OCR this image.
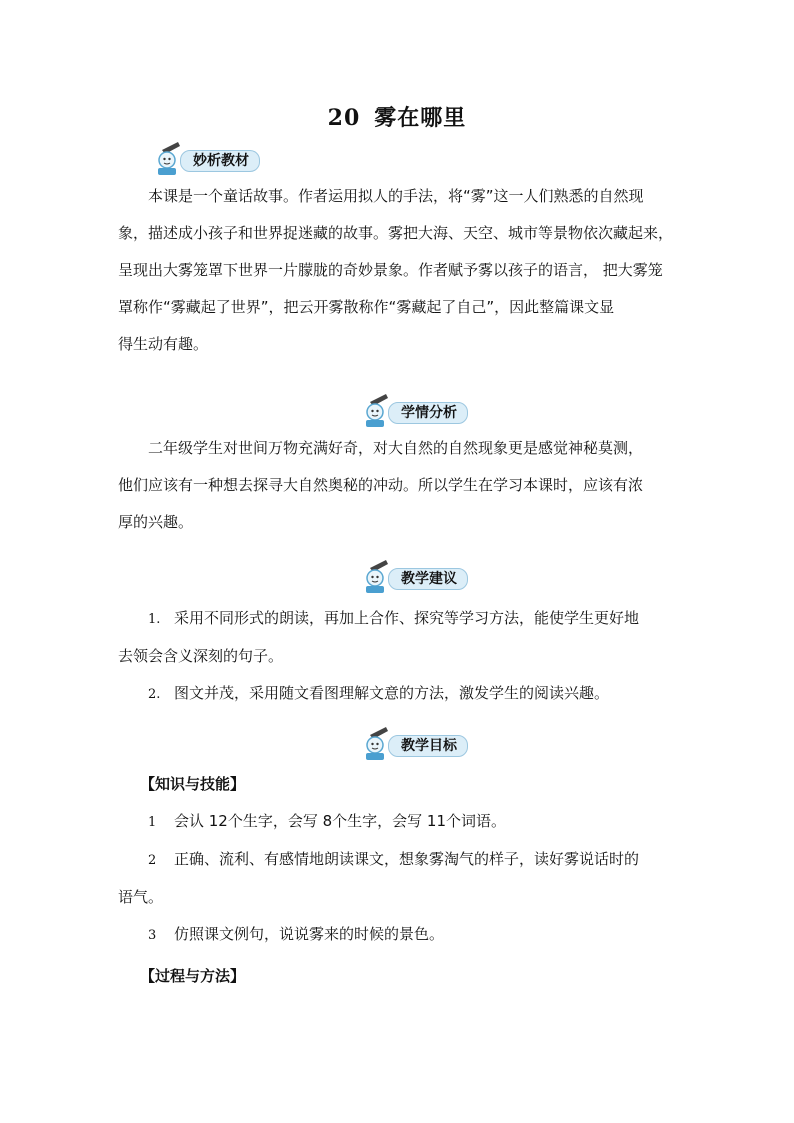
20 雾在哪里
妙析教材
本课是一个童话故事。作者运用拟人的手法，将“雾”这一人们熟悉的自然现
象，描述成小孩子和世界捉迷藏的故事。雾把大海、天空、城市等景物依次藏起来，
呈现出大雾笼罩下世界一片朦胧的奇妙景象。作者赋予雾以孩子的语言， 把大雾笼
罩称作“雾藏起了世界”，把云开雾散称作“雾藏起了自己”，因此整篇课文显
得生动有趣。
学情分析
二年级学生对世间万物充满好奇，对大自然的自然现象更是感觉神秘莫测，
他们应该有一种想去探寻大自然奥秘的冲动。所以学生在学习本课时，应该有浓
厚的兴趣。
教学建议
1. 采用不同形式的朗读，再加上合作、探究等学习方法，能使学生更好地
去领会含义深刻的句子。
2. 图文并茂，采用随文看图理解文意的方法，激发学生的阅读兴趣。
教学目标
【知识与技能】
1 会认 12个生字，会写 8个生字，会写 11个词语。
2 正确、流利、有感情地朗读课文，想象雾淘气的样子，读好雾说话时的
语气。
3 仿照课文例句，说说雾来的时候的景色。
【过程与方法】
